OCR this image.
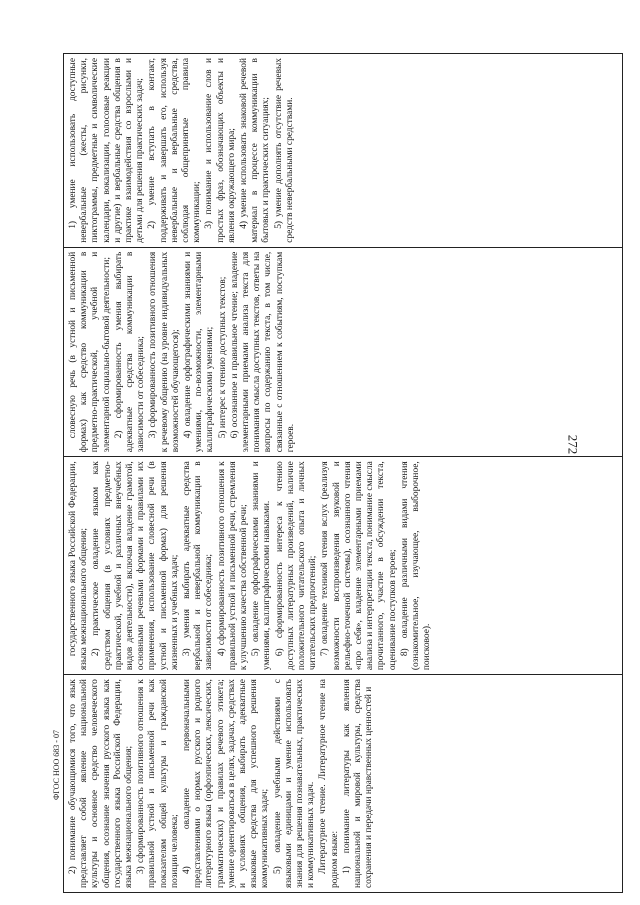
272
ФГОС НОО 683 - 07 2) понимание обучающимися того, что язык представляет собой явление национальной культуры и основное средство человеческого общения, осознание значения русского языка как государственного языка Российской Федерации, языка межнационального общения; 3) сформированность позитивного отношения к правильной устной и письменной речи как показателям общей культуры и гражданской позиции человека; 4) овладение первоначальными представлениями о нормах русского и родного литературного языка (орфоэпических, лексических, грамматических) и правилах речевого этикета; умение ориентироваться в целях, задачах, средствах и условиях общения, выбирать адекватные языковые средства для успешного решения коммуникативных задач; 5) овладение учебными действиями с языковыми единицами и умение использовать знания для решения познавательных, практических и коммуникативных задач. Литературное чтение. Литературное чтение на родном языке: 1) понимание литературы как явления национальной и мировой культуры, средства сохранения и передачи нравственных ценностей и

государственного языка Российской Федерации, языка межнационального общения; 2) практическое овладение языком как средством общения (в условиях предметно-практической, учебной и различных внеучебных видов деятельности), включая владение грамотой, основными речевыми формами и правилами их применения, использование словесной речи (в устной и письменной формах) для решения жизненных и учебных задач; 3) умения выбирать адекватные средства вербальной и невербальной коммуникации в зависимости от собеседника; 4) сформированность позитивного отношения к правильной устной и письменной речи, стремления к улучшению качества собственной речи; 5) овладение орфографическими знаниями и умениями, каллиграфическими навыками. 6) сформированность интереса к чтению доступных литературных произведений, наличие положительного читательского опыта и личных читательских предпочтений; 7) овладение техникой чтения вслух (реализуя возможности воспроизведения звуковой и рельефно-точечной системы), осознанного чтения «про себя», владение элементарными приемами анализа и интерпретации текста, понимание смысла прочитанного, участие в обсуждении текста, оценивание поступков героев; 8) овладение различными видами чтения (ознакомительное, изучающее, выборочное, поисковое).

словесную речь (в устной и письменной формах) как средство коммуникации в предметно-практической, учебной и элементарной социально-бытовой деятельности; 2) сформированность умения выбирать адекватные средства коммуникации в зависимости от собеседника; 3) сформированность позитивного отношения к речевому общению (на уровне индивидуальных возможностей обучающегося); 4) овладение орфографическими знаниями и умениями, по-возможности, элементарными каллиграфическими умениями; 5) интерес к чтению доступных текстов; 6) осознанное и правильное чтение; владение элементарными приемами анализа текста для понимания смысла доступных текстов, ответы на вопросы по содержанию текста, в том числе, связанные с отношением к событиям, поступкам героев.

1) умение использовать доступные невербальные (жесты, рисунки, пиктограммы, предметные и символические календари, вокализации, голосовые реакции и другие) и вербальные средства общения в практике взаимодействия со взрослыми и детьми для решения практических задач; 2) умение вступать в контакт, поддерживать и завершать его, используя невербальные и вербальные средства, соблюдая общепринятые правила коммуникации; 3) понимание и использование слов и простых фраз, обозначающих объекты и явления окружающего мира; 4) умение использовать знаковой речевой материал в процессе коммуникации в бытовых и практических ситуациях; 5) умение дополнять отсутствие речевых средств невербальными средствами.
